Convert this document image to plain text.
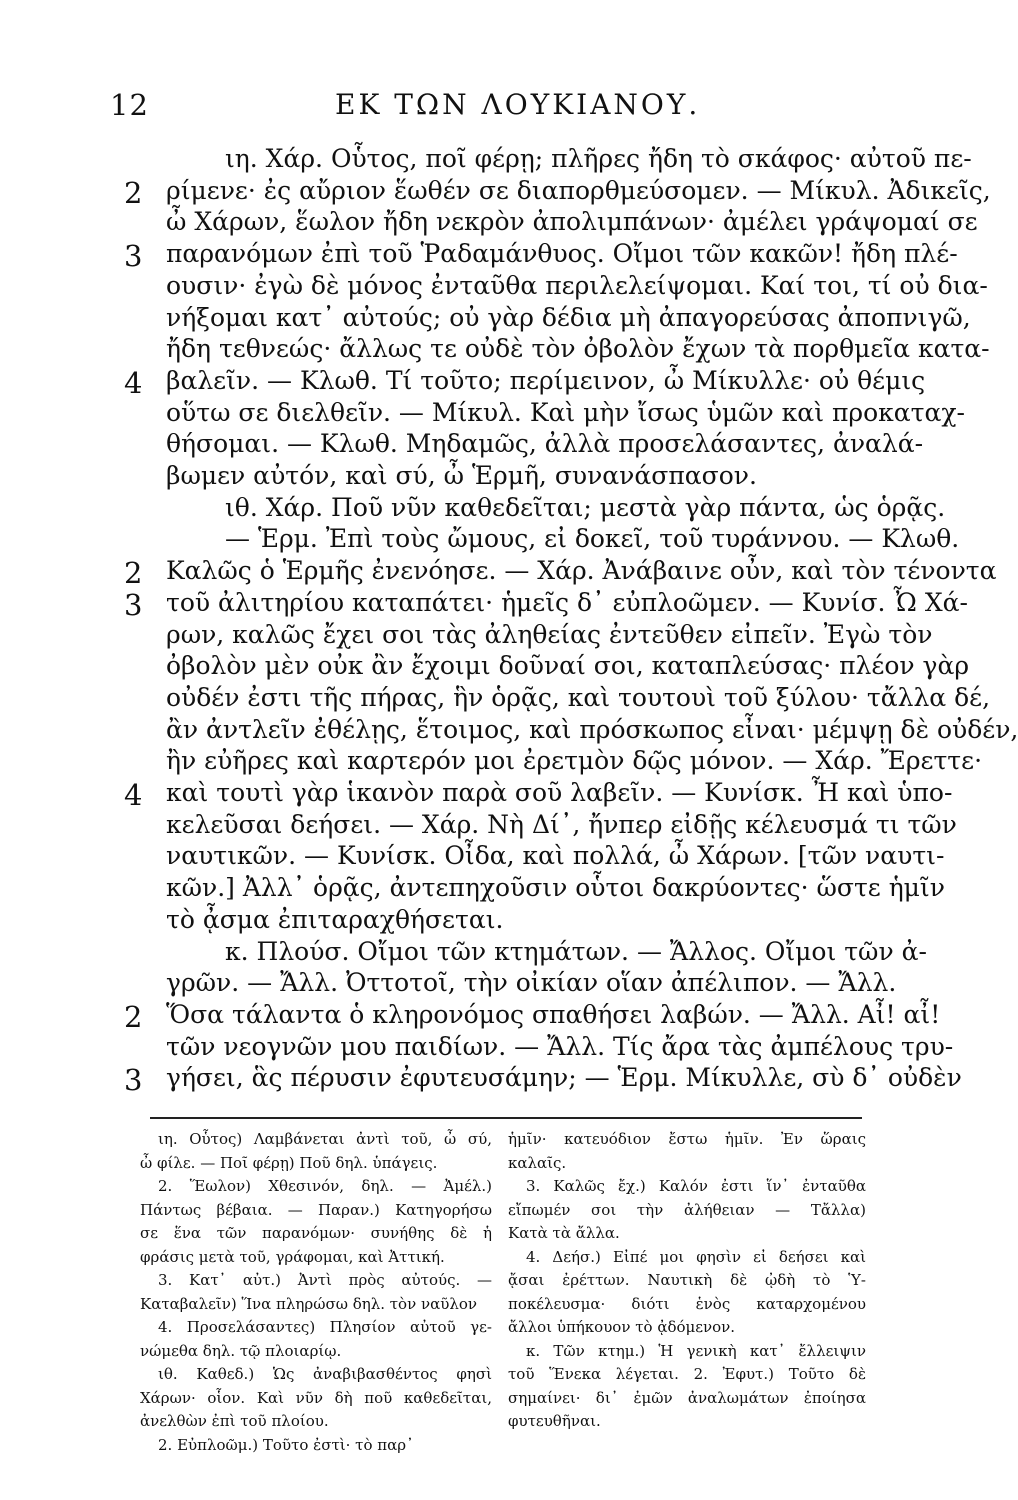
12	ΕΚ ΤΩΝ ΛΟΥΚΙΑΝΟΥ.
ιη. Χάρ. Οὗτος, ποῖ φέρῃ; πλῆρες ἤδη τὸ σκάφος· αὐτοῦ πε-
2 ρίμενε· ἐς αὔριον ἕωθέν σε διαπορθμεύσομεν. — Μίκυλ. Ἀδικεῖς,
ὦ Χάρων, ἕωλον ἤδη νεκρὸν ἀπολιμπάνων· ἀμέλει γράψομαί σε
3 παρανόμων ἐπὶ τοῦ Ῥαδαμάνθυος. Οἴμοι τῶν κακῶν! ἤδη πλέ-
ουσιν· ἐγὼ δὲ μόνος ἐνταῦθα περιλελείψομαι. Καί τοι, τί οὐ δια-
νήξομαι κατ᾽ αὐτούς; οὐ γὰρ δέδια μὴ ἀπαγορεύσας ἀποπνιγῶ,
ἤδη τεθνεώς· ἄλλως τε οὐδὲ τὸν ὀβολὸν ἔχων τὰ πορθμεῖα κατα-
4 βαλεῖν. — Κλωθ. Τί τοῦτο; περίμεινον, ὦ Μίκυλλε· οὐ θέμις
οὕτω σε διελθεῖν. — Μίκυλ. Καὶ μὴν ἴσως ὑμῶν καὶ προκαταχ-
θήσομαι. — Κλωθ. Μηδαμῶς, ἀλλὰ προσελάσαντες, ἀναλά-
βωμεν αὐτόν, καὶ σύ, ὦ Ἑρμῆ, συνανάσπασον.
ιθ. Χάρ. Ποῦ νῦν καθεδεῖται; μεστὰ γὰρ πάντα, ὡς ὁρᾷς.
— Ἑρμ. Ἐπὶ τοὺς ὤμους, εἰ δοκεῖ, τοῦ τυράννου. — Κλωθ.
2 Καλῶς ὁ Ἑρμῆς ἐνενόησε. — Χάρ. Ἀνάβαινε οὖν, καὶ τὸν τένοντα
3 τοῦ ἀλιτηρίου καταπάτει· ἡμεῖς δ᾽ εὐπλοῶμεν. — Κυνίσ. Ὦ Χά-
ρων, καλῶς ἔχει σοι τὰς ἀληθείας ἐντεῦθεν εἰπεῖν. Ἐγὼ τὸν
ὀβολὸν μὲν οὐκ ἂν ἔχοιμι δοῦναί σοι, καταπλεύσας· πλέον γὰρ
οὐδέν ἐστι τῆς πήρας, ἣν ὁρᾷς, καὶ τουτουὶ τοῦ ξύλου· τἄλλα δέ,
ἂν ἀντλεῖν ἐθέλῃς, ἕτοιμος, καὶ πρόσκωπος εἶναι· μέμψῃ δὲ οὐδέν,
ἢν εὐῆρες καὶ καρτερόν μοι ἐρετμὸν δῷς μόνον. — Χάρ. Ἔρεττε·
4 καὶ τουτὶ γὰρ ἱκανὸν παρὰ σοῦ λαβεῖν. — Κυνίσκ. Ἦ καὶ ὑπο-
κελεῦσαι δεήσει. — Χάρ. Νὴ Δί᾽, ἤνπερ εἰδῇς κέλευσμά τι τῶν
ναυτικῶν. — Κυνίσκ. Οἶδα, καὶ πολλά, ὦ Χάρων. [τῶν ναυτι-
κῶν.] Ἀλλ᾽ ὁρᾷς, ἀντεπηχοῦσιν οὗτοι δακρύοντες· ὥστε ἡμῖν
τὸ ᾆσμα ἐπιταραχθήσεται.
κ. Πλούσ. Οἴμοι τῶν κτημάτων. — Ἄλλος. Οἴμοι τῶν ἀ-
γρῶν. — Ἄλλ. Ὀττοτοῖ, τὴν οἰκίαν οἵαν ἀπέλιπον. — Ἄλλ.
2 Ὅσα τάλαντα ὁ κληρονόμος σπαθήσει λαβών. — Ἄλλ. Αἶ! αἶ!
τῶν νεογνῶν μου παιδίων. — Ἄλλ. Τίς ἄρα τὰς ἀμπέλους τρυ-
3 γήσει, ἃς πέρυσιν ἐφυτευσάμην; — Ἑρμ. Μίκυλλε, σὺ δ᾽ οὐδὲν
ιη. Οὗτος) Λαμβάνεται ἀντὶ τοῦ, ὦ σύ,
ὦ φίλε. — Ποῖ φέρῃ) Ποῦ δηλ. ὑπάγεις.
2. Ἕωλον) Χθεσινόν, δηλ. — Ἀμέλ.)
Πάντως βέβαια. — Παραν.) Κατηγορήσω
σε ἕνα τῶν παρανόμων· συνήθης δὲ ἡ
φράσις μετὰ τοῦ, γράφομαι, καὶ Ἀττική.
3. Κατ᾽ αὐτ.) Ἀντὶ πρὸς αὐτούς. —
Καταβαλεῖν) Ἵνα πληρώσω δηλ. τὸν ναῦλον
4. Προσελάσαντες) Πλησίον αὐτοῦ γε-
νώμεθα δηλ. τῷ πλοιαρίῳ.
ιθ. Καθεδ.) Ὡς ἀναβιβασθέντος φησὶ
Χάρων· οἷον. Καὶ νῦν δὴ ποῦ καθεδεῖται,
ἀνελθὼν ἐπὶ τοῦ πλοίου.
2. Εὐπλοῶμ.) Τοῦτο ἐστὶ· τὸ παρ᾽
ἡμῖν· κατευόδιον ἔστω ἡμῖν. Ἐν ὥραις
καλαῖς.
3. Καλῶς ἔχ.) Καλόν ἐστι ἵν᾽ ἐνταῦθα
εἴπωμέν σοι τὴν ἀλήθειαν — Τἄλλα)
Κατὰ τὰ ἄλλα.
4. Δεήσ.) Εἰπέ μοι φησὶν εἰ δεήσει καὶ
ᾄσαι ἐρέττων. Ναυτικὴ δὲ ᾠδὴ τὸ Ὑ-
ποκέλευσμα· διότι ἑνὸς καταρχομένου
ἄλλοι ὑπήκουον τὸ ᾀδόμενον.
κ. Τῶν κτημ.) Ἡ γενικὴ κατ᾽ ἔλλειψιν
τοῦ Ἕνεκα λέγεται. 2. Ἐφυτ.) Τοῦτο δὲ
σημαίνει· δι᾽ ἐμῶν ἀναλωμάτων ἐποίησα
φυτευθῆναι.
